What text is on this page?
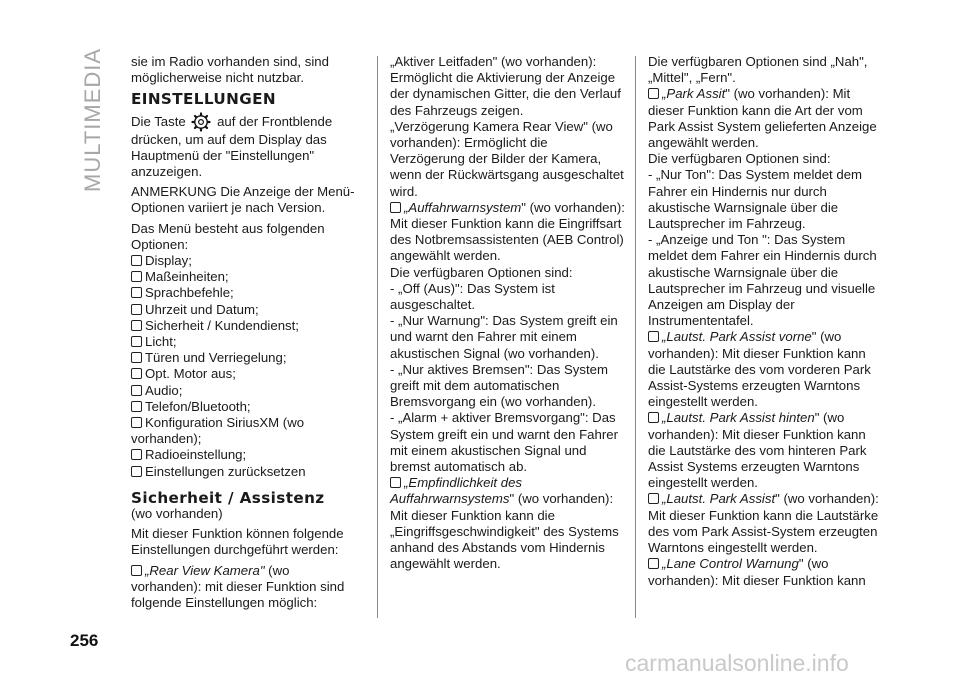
MULTIMEDIA sie im Radio vorhanden sind, sind möglicherweise nicht nutzbar.

EINSTELLUNGEN

Die Taste auf der Frontblende drücken, um auf dem Display das Hauptmenü der "Einstellungen" anzuzeigen.

ANMERKUNG Die Anzeige der Menü-Optionen variiert je nach Version.

Das Menü besteht aus folgenden Optionen:

Display;

Maßeinheiten;

Sprachbefehle;

Uhrzeit und Datum;

Sicherheit / Kundendienst;

Licht;

Türen und Verriegelung;

Opt. Motor aus;

Audio;

Telefon/Bluetooth;

Konfiguration SiriusXM (wo vorhanden);

Radioeinstellung;

Einstellungen zurücksetzen

Sicherheit / Assistenz

(wo vorhanden)

Mit dieser Funktion können folgende Einstellungen durchgeführt werden:

„Rear View Kamera" (wo vorhanden): mit dieser Funktion sind folgende Einstellungen möglich:

„Aktiver Leitfaden" (wo vorhanden): Ermöglicht die Aktivierung der Anzeige der dynamischen Gitter, die den Verlauf des Fahrzeugs zeigen.

„Verzögerung Kamera Rear View" (wo vorhanden): Ermöglicht die Verzögerung der Bilder der Kamera, wenn der Rückwärtsgang ausgeschaltet wird.

„Auffahrwarnsystem" (wo vorhanden): Mit dieser Funktion kann die Eingriffsart des Notbremsassistenten (AEB Control) angewählt werden.

Die verfügbaren Optionen sind:

- „Off (Aus)": Das System ist ausgeschaltet.

- „Nur Warnung": Das System greift ein und warnt den Fahrer mit einem akustischen Signal (wo vorhanden).

- „Nur aktives Bremsen": Das System greift mit dem automatischen Bremsvorgang ein (wo vorhanden).

- „Alarm + aktiver Bremsvorgang": Das System greift ein und warnt den Fahrer mit einem akustischen Signal und bremst automatisch ab.

„Empfindlichkeit des Auffahrwarnsystems" (wo vorhanden): Mit dieser Funktion kann die „Eingriffsgeschwindigkeit" des Systems anhand des Abstands vom Hindernis angewählt werden.

Die verfügbaren Optionen sind „Nah", „Mittel", „Fern".

„Park Assit" (wo vorhanden): Mit dieser Funktion kann die Art der vom Park Assist System gelieferten Anzeige angewählt werden.

Die verfügbaren Optionen sind:

- „Nur Ton": Das System meldet dem Fahrer ein Hindernis nur durch akustische Warnsignale über die Lautsprecher im Fahrzeug.

- „Anzeige und Ton ": Das System meldet dem Fahrer ein Hindernis durch akustische Warnsignale über die Lautsprecher im Fahrzeug und visuelle Anzeigen am Display der Instrumententafel.

„Lautst. Park Assist vorne" (wo vorhanden): Mit dieser Funktion kann die Lautstärke des vom vorderen Park Assist-Systems erzeugten Warntons eingestellt werden.

„Lautst. Park Assist hinten" (wo vorhanden): Mit dieser Funktion kann die Lautstärke des vom hinteren Park Assist Systems erzeugten Warntons eingestellt werden.

„Lautst. Park Assist" (wo vorhanden): Mit dieser Funktion kann die Lautstärke des vom Park Assist-System erzeugten Warntons eingestellt werden.

„Lane Control Warnung" (wo vorhanden): Mit dieser Funktion kann

256
carmanualsonline.info
